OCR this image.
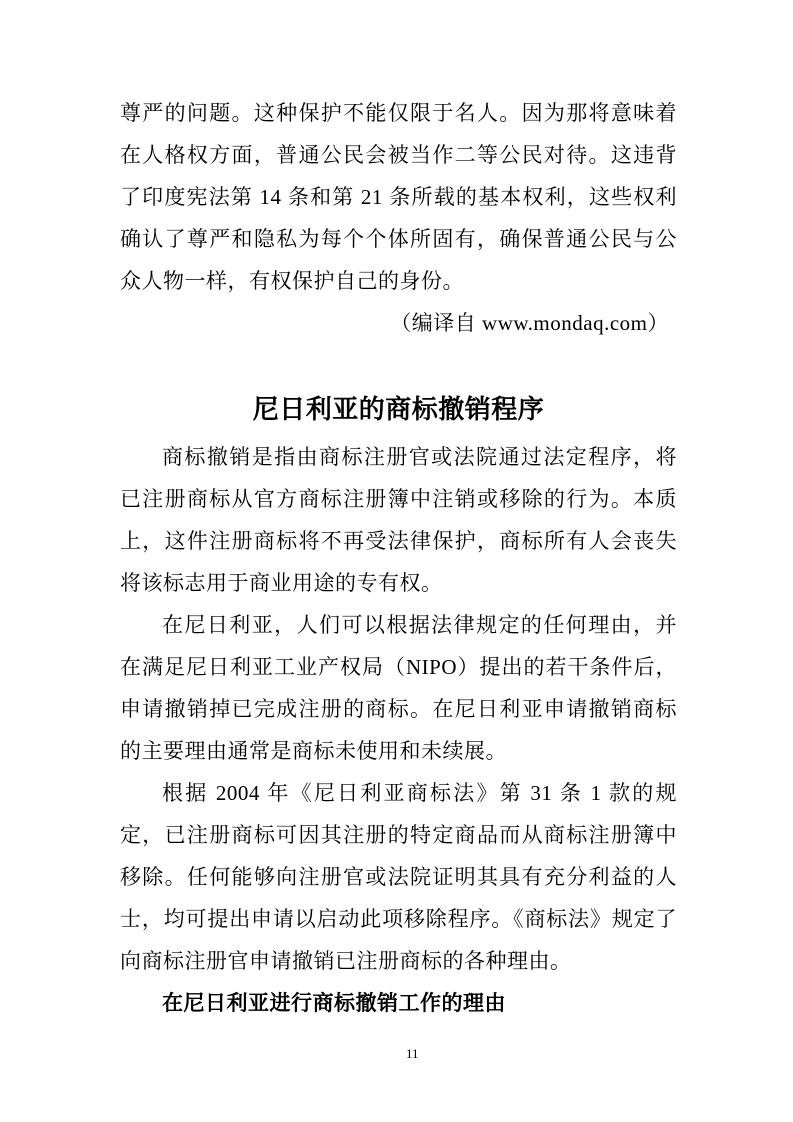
尊严的问题。这种保护不能仅限于名人。因为那将意味着在人格权方面，普通公民会被当作二等公民对待。这违背了印度宪法第 14 条和第 21 条所载的基本权利，这些权利确认了尊严和隐私为每个个体所固有，确保普通公民与公众人物一样，有权保护自己的身份。

（编译自 www.mondaq.com）

尼日利亚的商标撤销程序

商标撤销是指由商标注册官或法院通过法定程序，将已注册商标从官方商标注册簿中注销或移除的行为。本质上，这件注册商标将不再受法律保护，商标所有人会丧失将该标志用于商业用途的专有权。

在尼日利亚，人们可以根据法律规定的任何理由，并在满足尼日利亚工业产权局（NIPO）提出的若干条件后，申请撤销掉已完成注册的商标。在尼日利亚申请撤销商标的主要理由通常是商标未使用和未续展。

根据 2004 年《尼日利亚商标法》第 31 条 1 款的规定，已注册商标可因其注册的特定商品而从商标注册簿中移除。任何能够向注册官或法院证明其具有充分利益的人士，均可提出申请以启动此项移除程序。《商标法》规定了向商标注册官申请撤销已注册商标的各种理由。

在尼日利亚进行商标撤销工作的理由

11
